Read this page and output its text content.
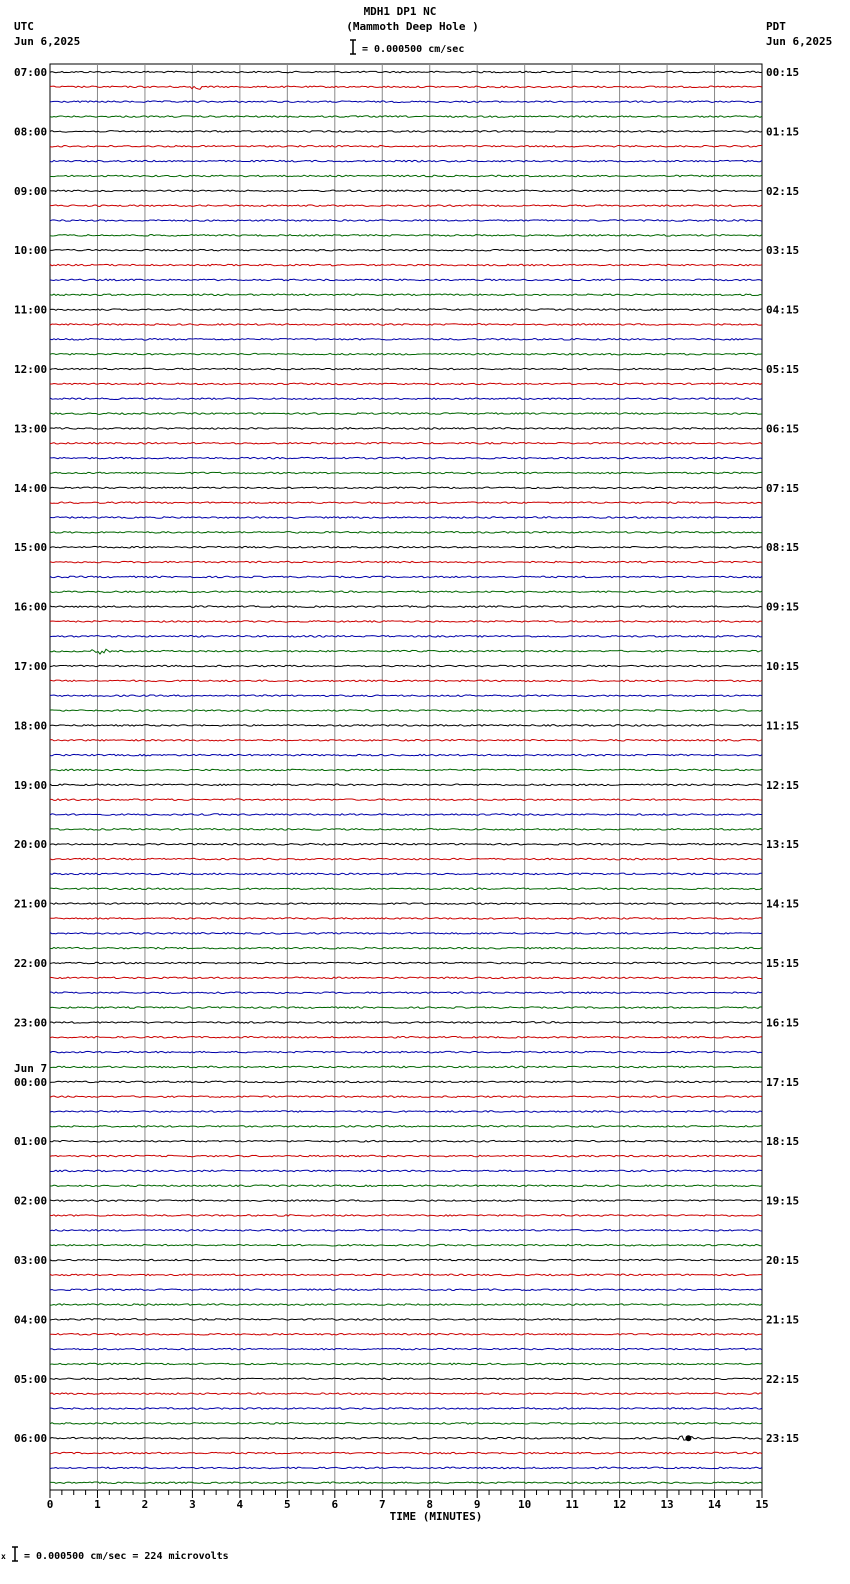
MDH1 DP1 NC
(Mammoth Deep Hole )
UTC
Jun 6,2025
PDT
Jun 6,2025
= 0.000500 cm/sec
07:00
08:00
09:00
10:00
11:00
12:00
13:00
14:00
15:00
16:00
17:00
18:00
19:00
20:00
21:00
22:00
23:00
00:00
01:00
02:00
03:00
04:00
05:00
06:00
00:15
01:15
02:15
03:15
04:15
05:15
06:15
07:15
08:15
09:15
10:15
11:15
12:15
13:15
14:15
15:15
16:15
17:15
18:15
19:15
20:15
21:15
22:15
23:15
Jun 7
0	1	2	3	4	5	6	7	8	9	10	11	12	13	14	15
TIME (MINUTES)
x = 0.000500 cm/sec = 224 microvolts
